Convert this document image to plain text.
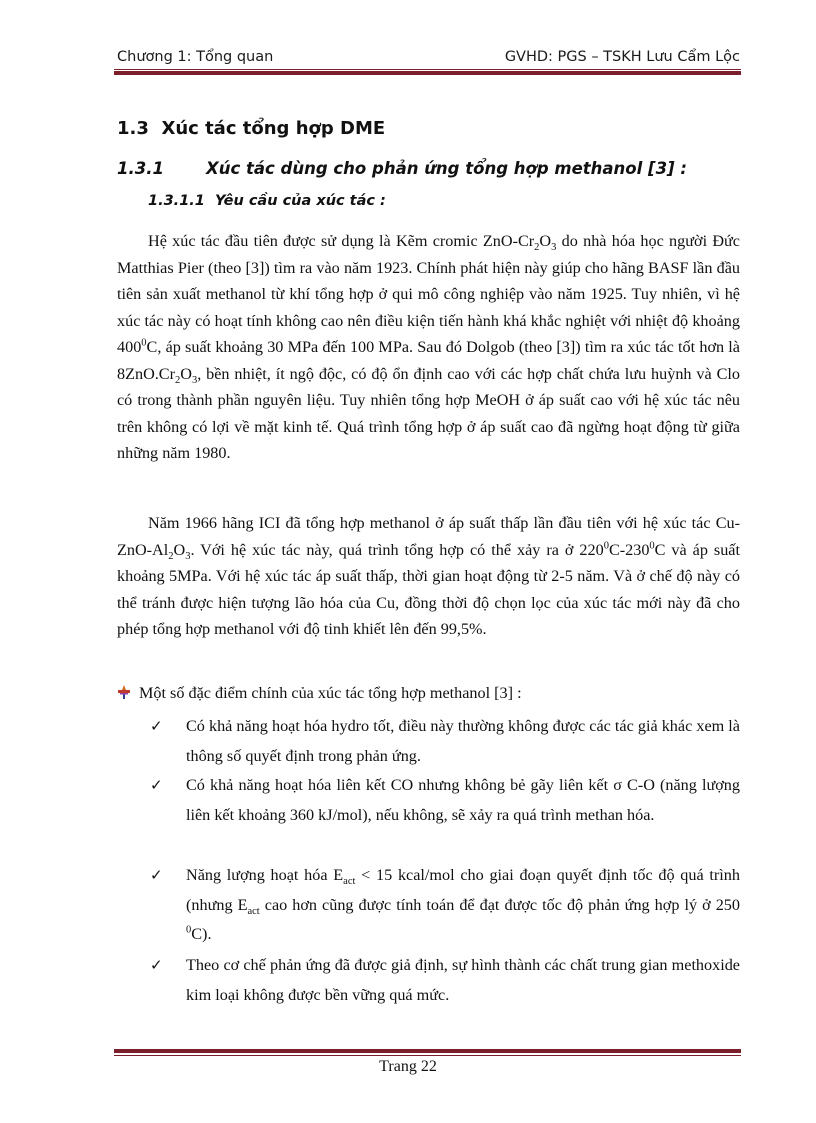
Chương 1: Tổng quan	GVHD: PGS – TSKH Lưu Cẩm Lộc
1.3 Xúc tác tổng hợp DME
1.3.1	Xúc tác dùng cho phản ứng tổng hợp methanol [3] :
1.3.1.1 Yêu cầu của xúc tác :

Hệ xúc tác đầu tiên được sử dụng là Kẽm cromic ZnO-$Cr_2O_3$ do nhà hóa học người Đức Matthias Pier (theo [3]) tìm ra vào năm 1923. Chính phát hiện này giúp cho hãng BASF lần đầu tiên sản xuất methanol từ khí tổng hợp ở qui mô công nghiệp vào năm 1925. Tuy nhiên, vì hệ xúc tác này có hoạt tính không cao nên điều kiện tiến hành khá khắc nghiệt với nhiệt độ khoảng $400^0C$, áp suất khoảng 30 MPa đến 100 MPa. Sau đó Dolgob (theo [3]) tìm ra xúc tác tốt hơn là $8ZnO.Cr_2O_3$, bền nhiệt, ít ngộ độc, có độ ổn định cao với các hợp chất chứa lưu huỳnh và Clo có trong thành phần nguyên liệu. Tuy nhiên tổng hợp MeOH ở áp suất cao với hệ xúc tác nêu trên không có lợi về mặt kinh tế. Quá trình tổng hợp ở áp suất cao đã ngừng hoạt động từ giữa những năm 1980.

Năm 1966 hãng ICI đã tổng hợp methanol ở áp suất thấp lần đầu tiên với hệ xúc tác $Cu-ZnO-Al_2O_3$. Với hệ xúc tác này, quá trình tổng hợp có thể xảy ra ở $220^0C-230^0C$ và áp suất khoảng 5MPa. Với hệ xúc tác áp suất thấp, thời gian hoạt động từ 2-5 năm. Và ở chế độ này có thể tránh được hiện tượng lão hóa của Cu, đồng thời độ chọn lọc của xúc tác mới này đã cho phép tổng hợp methanol với độ tinh khiết lên đến 99,5%.

Một số đặc điểm chính của xúc tác tổng hợp methanol [3] :
✓	Có khả năng hoạt hóa hydro tốt, điều này thường không được các tác giả khác xem là thông số quyết định trong phản ứng.
✓	Có khả năng hoạt hóa liên kết CO nhưng không bẻ gãy liên kết σ C-O (năng lượng liên kết khoảng 360 kJ/mol), nếu không, sẽ xảy ra quá trình methan hóa.
✓	Năng lượng hoạt hóa $E_{act} < 15$ kcal/mol cho giai đoạn quyết định tốc độ quá trình (nhưng $E_{act}$ cao hơn cũng được tính toán để đạt được tốc độ phản ứng hợp lý ở 250 $^0$C).
✓	Theo cơ chế phản ứng đã được giả định, sự hình thành các chất trung gian methoxide kim loại không được bền vững quá mức.
Trang 22
